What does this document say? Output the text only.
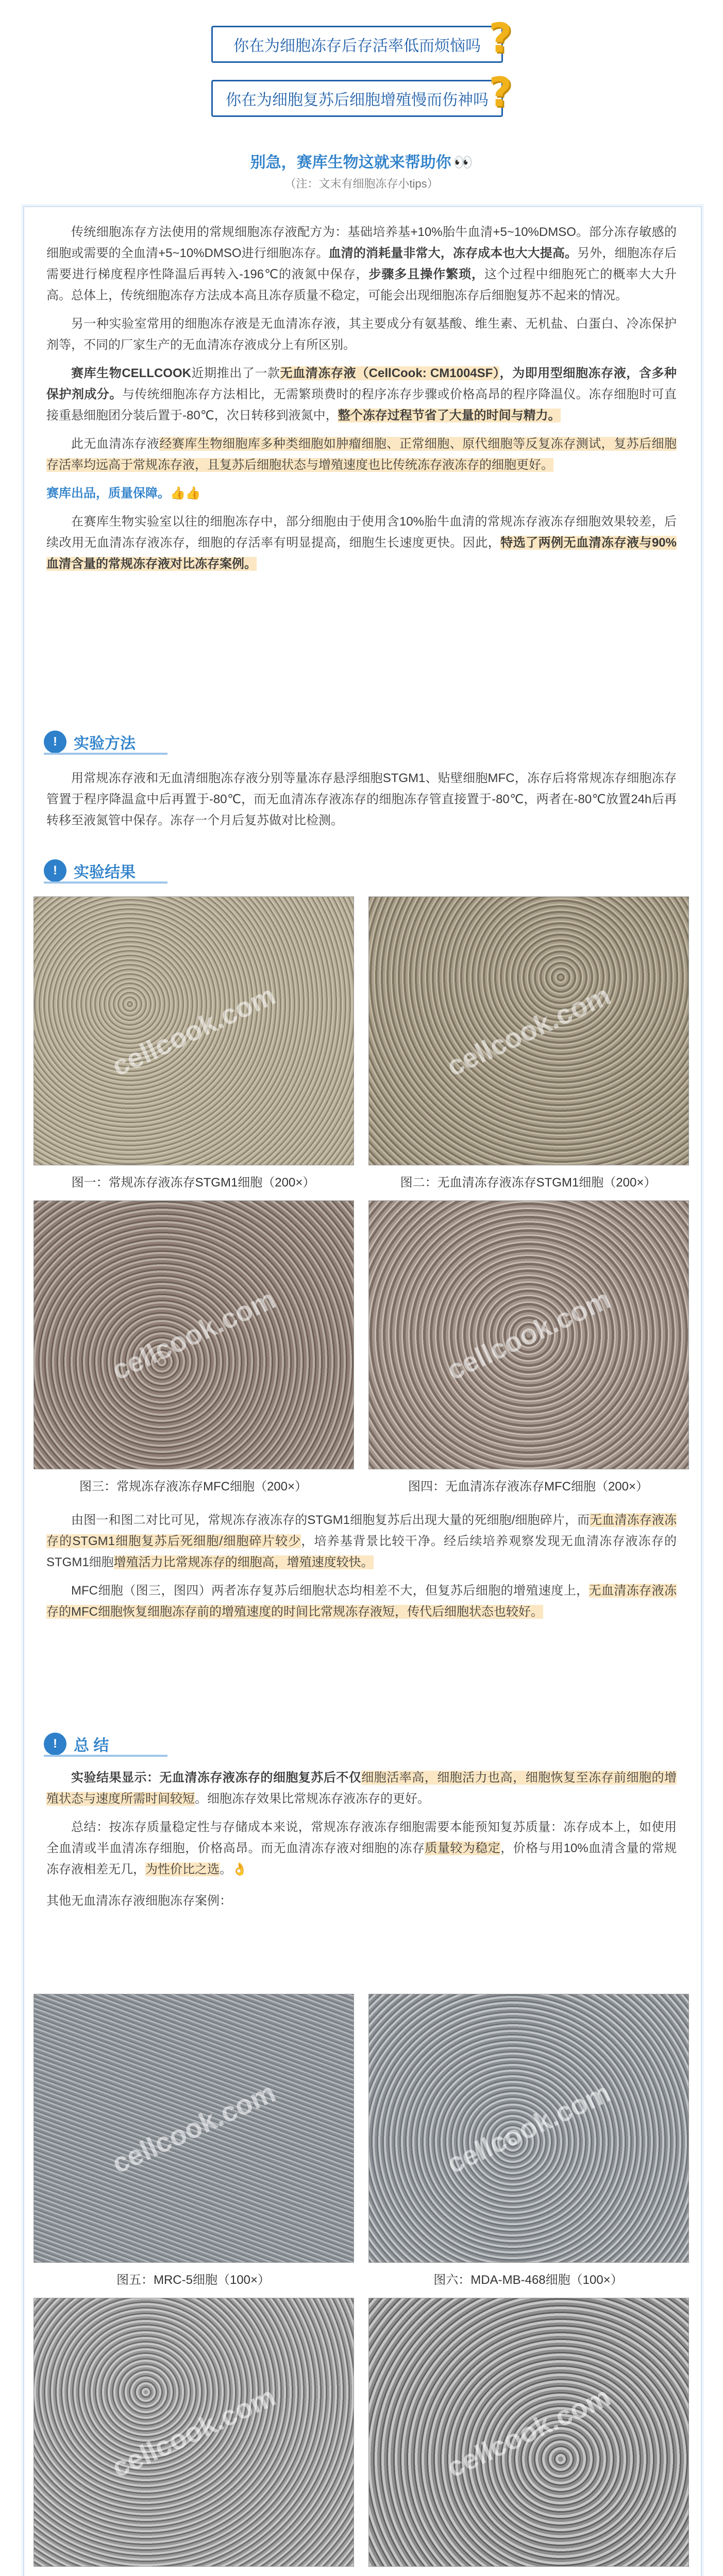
你在为细胞冻存后存活率低而烦恼吗 ?
你在为细胞复苏后细胞增殖慢而伤神吗 ?
别急，赛库生物这就来帮助你 👀
（注：文末有细胞冻存小tips）

传统细胞冻存方法使用的常规细胞冻存液配方为：基础培养基+10%胎牛血清+5~10%DMSO。部分冻存敏感的细胞或需要的全血清+5~10%DMSO进行细胞冻存。血清的消耗量非常大，冻存成本也大大提高。另外，细胞冻存后需要进行梯度程序性降温后再转入-196℃的液氮中保存，步骤多且操作繁琐，这个过程中细胞死亡的概率大大升高。总体上，传统细胞冻存方法成本高且冻存质量不稳定，可能会出现细胞冻存后细胞复苏不起来的情况。

另一种实验室常用的细胞冻存液是无血清冻存液，其主要成分有氨基酸、维生素、无机盐、白蛋白、冷冻保护剂等，不同的厂家生产的无血清冻存液成分上有所区别。

赛库生物CELLCOOK近期推出了一款无血清冻存液（CellCook: CM1004SF），为即用型细胞冻存液，含多种保护剂成分。与传统细胞冻存方法相比，无需繁琐费时的程序冻存步骤或价格高昂的程序降温仪。冻存细胞时可直接重悬细胞团分装后置于-80℃，次日转移到液氮中，整个冻存过程节省了大量的时间与精力。

此无血清冻存液经赛库生物细胞库多种类细胞如肿瘤细胞、正常细胞、原代细胞等反复冻存测试，复苏后细胞存活率均远高于常规冻存液，且复苏后细胞状态与增殖速度也比传统冻存液冻存的细胞更好。

赛库出品，质量保障。👍👍

在赛库生物实验室以往的细胞冻存中，部分细胞由于使用含10%胎牛血清的常规冻存液冻存细胞效果较差，后续改用无血清冻存液冻存，细胞的存活率有明显提高，细胞生长速度更快。因此，特选了两例无血清冻存液与90%血清含量的常规冻存液对比冻存案例。

!	实验方法

用常规冻存液和无血清细胞冻存液分别等量冻存悬浮细胞STGM1、贴壁细胞MFC，冻存后将常规冻存细胞冻存管置于程序降温盒中后再置于-80℃，而无血清冻存液冻存的细胞冻存管直接置于-80℃，两者在-80℃放置24h后再转移至液氮管中保存。冻存一个月后复苏做对比检测。

!	实验结果
cellcook.com	cellcook.com
图一：常规冻存液冻存STGM1细胞（200×）	图二：无血清冻存液冻存STGM1细胞（200×）
cellcook.com	cellcook.com
图三：常规冻存液冻存MFC细胞（200×）	图四：无血清冻存液冻存MFC细胞（200×）

由图一和图二对比可见，常规冻存液冻存的STGM1细胞复苏后出现大量的死细胞/细胞碎片，而无血清冻存液冻存的STGM1细胞复苏后死细胞/细胞碎片较少，培养基背景比较干净。经后续培养观察发现无血清冻存液冻存的STGM1细胞增殖活力比常规冻存的细胞高，增殖速度较快。

MFC细胞（图三，图四）两者冻存复苏后细胞状态均相差不大，但复苏后细胞的增殖速度上，无血清冻存液冻存的MFC细胞恢复细胞冻存前的增殖速度的时间比常规冻存液短，传代后细胞状态也较好。

!	总 结

实验结果显示：无血清冻存液冻存的细胞复苏后不仅细胞活率高，细胞活力也高，细胞恢复至冻存前细胞的增殖状态与速度所需时间较短。细胞冻存效果比常规冻存液冻存的更好。

总结：按冻存质量稳定性与存储成本来说，常规冻存液冻存细胞需要本能预知复苏质量：冻存成本上，如使用全血清或半血清冻存细胞，价格高昂。而无血清冻存液对细胞的冻存质量较为稳定，价格与用10%血清含量的常规冻存液相差无几，为性价比之选。👌

其他无血清冻存液细胞冻存案例：

cellcook.com	cellcook.com
图五：MRC-5细胞（100×）	图六：MDA-MB-468细胞（100×）
cellcook.com	cellcook.com
